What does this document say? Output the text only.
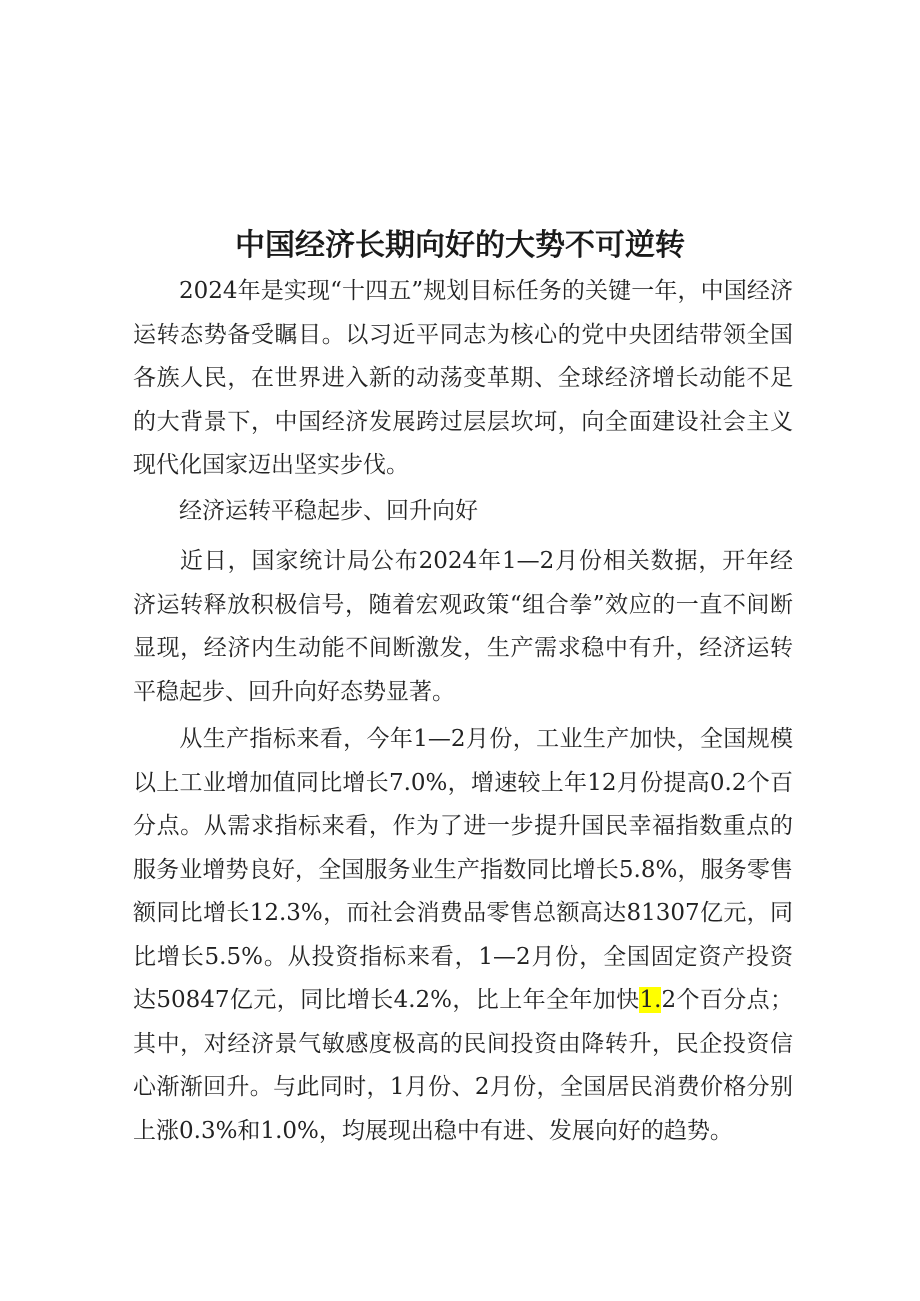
中国经济长期向好的大势不可逆转

2024年是实现“十四五”规划目标任务的关键一年，中国经济运转态势备受瞩目。以习近平同志为核心的党中央团结带领全国各族人民，在世界进入新的动荡变革期、全球经济增长动能不足的大背景下，中国经济发展跨过层层坎坷，向全面建设社会主义现代化国家迈出坚实步伐。

经济运转平稳起步、回升向好

近日，国家统计局公布2024年1—2月份相关数据，开年经济运转释放积极信号，随着宏观政策“组合拳”效应的一直不间断显现，经济内生动能不间断激发，生产需求稳中有升，经济运转平稳起步、回升向好态势显著。

从生产指标来看，今年1—2月份，工业生产加快，全国规模以上工业增加值同比增长7.0%，增速较上年12月份提高0.2个百分点。从需求指标来看，作为了进一步提升国民幸福指数重点的服务业增势良好，全国服务业生产指数同比增长5.8%，服务零售额同比增长12.3%，而社会消费品零售总额高达81307亿元，同比增长5.5%。从投资指标来看，1—2月份，全国固定资产投资达50847亿元，同比增长4.2%，比上年全年加快1.2个百分点；其中，对经济景气敏感度极高的民间投资由降转升，民企投资信心渐渐回升。与此同时，1月份、2月份，全国居民消费价格分别上涨0.3%和1.0%，均展现出稳中有进、发展向好的趋势。
